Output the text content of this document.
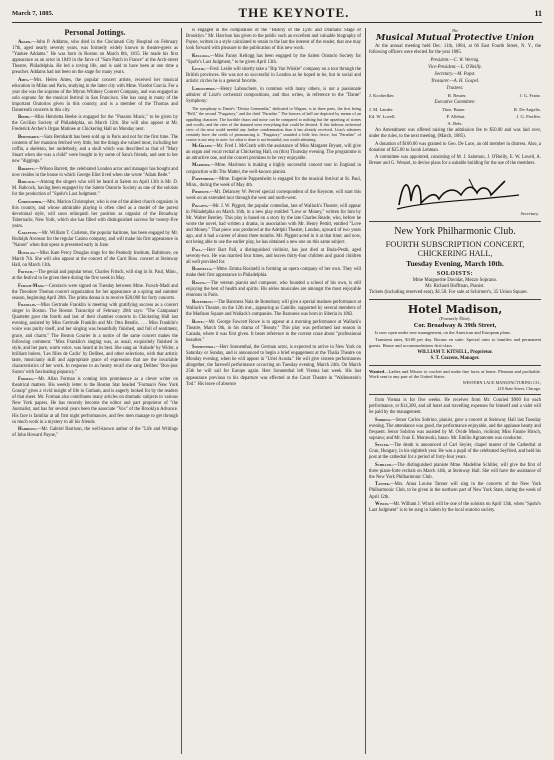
March 7, 1885.	THE KEYNOTE.	11
Personal Jottings.

Adams.—John P. Addams, who died in the Cincinnati City Hospital on February 17th, aged nearly seventy years, was formerly widely known to theatre-goers as "Yankee Addams." He was born in Boston on March 8th, 1815. He made his first appearance as an actor in 1849 in the farce of "Sam Patch in France" at the Arch-street Theatre, Philadelphia. He led a roving life, and is said to have been at one time a preacher. Addams had not been on the stage for many years.

Ames.—Mrs. Helen Ames, the popular concert artiste, received her musical education in Milan and Paris, studying in the latter city with Mme. Viardot Garcia. For a year she was the soprano of the Myron Whitney Concert Company, and was engaged as solo soprano for the musical festival in San Francisco. She has sung in many of the important Oratorios given in this country, and is a member of the Thomas and Dannreuth concerts in this city.

Beebe.—Miss Henrietta Beebe is engaged for the "Passion Music," to be given by the Cecilian Society of Philadelphia, on March 12th. She will also appear at Mr. Frederick Archer's Organ Matinee at Chickering Hall on Monday next.

Bernhardt.—Sara Bernhardt has been sold up in Paris and not for the first time. The contents of her mansion fetched very little, but the things she valued most, including her coffin, a skeleton, her underbody, and a skull which was described as that of "Mary Stuart when she was a child" were bought in by some of Sara's friends, and sent to her new "diggings."

Barrett.—Wilson Barrett, the celebrated London actor and manager has bought and now resides in the house in which George Eliot lived when she wrote "Adam Bede."

Babcock.—Among the singers who will be heard at Salem on April 13th is Mr. D. M. Babcock, having been engaged by the Salem Oratorio Society as one of the soloists for the production of "Spohr's Last Judgment."

Christopher.—Mrs. Marion Christopher, who is one of the ablest church organists in this country, and whose admirable playing is often cited as a model of the purest devotional style, will soon relinquish her position as organist of the Broadway Tabernacle, New York, which she has filled with distinguished success for twenty-five years.

Carleton.—Mr. William T. Carleton, the popular baritone, has been engaged by Mr. Rudolph Aronson for the regular Casino company, and will make his first appearance in "Nanon" when that opera is presented early in June.

Douglas.—Miss Kate Percy Douglas sings for the Peabody Institute, Baltimore, on March 7th. She will also appear at the concert of the Carri Bros. concert at Steinway Hall, on March 13th.

Fritsch.—The genial and popular tenor, Charles Fritsch, will sing in St. Paul, Minn., at the festival to be given there during the first week in May.

Fursch-Madi.—Contracts were signed on Tuesday between Mme. Fursch-Madi and the Theodore Thomas concert organization for her appearance at a spring and summer season, beginning April 20th. The prima donna is to receive $20,000 for forty concerts.

Franklin.—Miss Gertrude Franklin is meeting with gratifying success as a concert singer in Boston. The Boston Transcript of February 20th says: "The Campanari Quartette gave the fourth and last of their chamber concerts in Chickering Hall last evening, assisted by Miss Gertrude Franklin and Mr. Otto Bendix. . . . Miss Franklin's voice was purity itself, and her singing was beautifully finished, and full of sentiment, grace, and charm." The Boston Courier in a notice of the same concert makes the following comment: "Miss Franklin's singing was, as usual, exquisitely finished in style, and her pure, warm voice, was heard at its best. She sang an 'Aubade' by Widor, a brilliant bolero, 'Les filles de Cadix' by Delibes, and other selections, with that artistic taste, musicianly skill and appropriate grace of expression that are the invariable characteristics of her work. In response to an hearty recall she sang Delibes' 'Bon-jour Suzon' with fascinating piquancy."

Forman.—Mr. Allan Forman is coming into prominence as a clever writer on theatrical matters. His weekly letter to the Boston Star headed "Forman's New York Gossip" gives a vivid insight of life in Gotham, and is eagerly looked for by the readers of that sheet. Mr. Forman also contributes many articles on dramatic subjects to various New York papers. He has recently become the editor and part proprietor of "the Journalist, and has for several years been the associate "Vox" of the Brooklyn Advance. His face is familiar at all first night performances, and few men manage to get through so much work in a mystery to all his friends.

Harrison.—Mr. Gabriel Harrison, the well-known author of the "Life and Writings of John Howard Payne,"

is engaged in the compilation of the "History of the Lyric and Dramatic Stage of Brooklyn." Mr. Harrison has given to the public such an excellent and valuable biography of Payne, written in a style calculated to retain to the last the interest of the reader, that one may look forward with pleasure to the publication of this new work.

Kellogg.—Miss Fanny Kellogg has been engaged by the Salem Oratorio Society for "Spohr's Last Judgment," to be given April 13th.

Leslie.—Fred. Leslie will shortly take a "Rip Van Winkle" company on a tour through the British provinces. He was not so successful in London as he hoped to be, but in social and artistic circles he is a general favorite.

Labouchere.—Henry Labouchere, in common with many others, is not a passionate admirer of Liszt's orchestral compositions, and thus writes, in reference to the "Dante" Symphony:

The symphony to Dante's "Divina Commedia," dedicated to Wagner, is in three parts, the first being "Hell," the second "Purgatory," and the third "Paradise." The horrors of hell are depicted by means of an appalling character. The horrible chaos and noise can be compared to nothing but the upsetting of stones and scrolls, and the cries of the damned were everything that could be desired. If this hideous orchestral view of the next world needed any further condemnation than it has already received, Liszt's admirers certainly have the credit of pronouncing it. "Purgatory" sounded a little less fierce; but "Paradise" of course is not easy to note: for what is done is not beautiful, nor worth admiring.

McGrath.—Mr. Fred J. McGrath with the assistance of Miss Margaret Bryant, will give an organ and vocal recital at Chickering Hall, on (this) Thursday evening. The programme is an attractive one, and the concert promises to be very enjoyable.

Marimon.—Mme. Marimon is making a highly successful concert tour in England in conjunction with Tito Mattei, the well-known pianist.

Pappenheim.—Mme. Eugenie Pappenheim is engaged for the musical festival at St. Paul, Minn., during the week of May 4th.

Pierpont.—Mr. Delancey W. Pervel special correspondent of the Keynote, will start this week on an extended tour through the west and north-west.

Piggott.—Mr. J. W. Piggott, the popular comedian, late of Wallack's Theatre, will appear in Philadelphia on March 16th, in a new play entitled "Love or Money," written for him by Mr. Walter Bentley. This play is based on a story by the late Charles Reade, who, before he wrote the novel, had written a drama, in association with Mr. Henry Pettitt, entitled "Love and Money." That piece was produced at the Adelphi Theatre, London, upward of two years ago, and it had a career of about three months. Mr. Piggott acted in it at that time; and now, not being able to use the earlier play, he has obtained a new one on this same subject.

Pall.—Herr Bart Pall, a distinguished violinist, has just died at Buda-Pesth, aged seventy-two. He was married four times, and leaves thirty-four children and grand children all well provided for.

Rosinella.—Mme. Emma Rosinelli is forming an opera company of her own. They will make their first appearance in Philadelphia.

Ravina.—The veteran pianist and composer, who founded a school of his own, is still enjoying the best of health and spirits. His séries musicales are amongst the most enjoyable réunions in Paris.

Rotenbusy.—The Baroness Nala de Rotenbusy will give a special matinee performance at Wallack's Theatre, on the 12th inst., appearing as Camille, supported by several members of the Madison Square and Wallack's companies. The Baroness was born in Siberia in 1862.

Rowe.—Mr. George Fawcett Rowe is to appear at a morning performance at Wallack's Theatre, March 9th, in his drama of "Beauty." This play was performed last season in Canada, where it was first given. It bears reference to the current craze about "professional beauties."

Sonnenthal.—Herr Sonnenthal, the German actor, is expected to arrive in New York on Saturday or Sunday, and is announced to begin a brief engagement at the Thalia Theatre on Monday evening, when he will appear in "Uriel Acosta." He will give sixteen performances altogether, the farewell performance occurring on Tuesday evening, March 24th. On March 25th he will sail for Europe again. Herr Sonnenthal left Vienna last week. His last appearance previous to his departure was effected at the Court Theatre in "Wallenstein's Tod." His leave of absence

The
Musical Mutual Protective Union

At the annual meeting held Dec. 11th, 1884, at 66 East Fourth Street, N. Y., the following officers were elected for the year 1885.

President.—C. W. Wernig.
Vice-President.—L. O'Reilly.
Secretary.—M. Papst.
Treasurer.—A. H. Gospel.
Trustees:
J. Kocherlker.	R. Reuter.	J. G. Franz.
Executive Committee:
J. M. Lander.	Theo. Bauer.	R. De Angelis.
Ed. W. Lovell.	P. Allebut.	J. G. Preiffer.
A. Belz.

An Amendment was offered raising the admission fee to $50.00 and was laid over, under the rules, to the next meeting, (March, 1885).

A donation of $100.00 was granted to Geo. De Luce, an old member in distress. Also, a donation of $25.00 to Jacob Lehman.

A committee was appointed, consisting of M. J. Salomon, J. O'Reilly, E. W. Lovell, A. Breuer and G. Wenzel, to devise plans for a suitable building for the use of the members.

Secretary.
New York Philharmonic Club.
FOURTH SUBSCRIPTION CONCERT,
CHICKERING HALL,
Tuesday Evening, March 10th.
SOLOISTS:
Mme Marguerite Davidat, Mezzo Soprano.
Mr. Richard Hoffman, Pianist.
Tickets (including reserved seat), $1.50. For sale at Schirmer's, 35 Union Square.
Hotel Madison,
(Formerly Élite),
Cor. Broadway & 39th Street,

Is now open under new management, on the American and European plans.

Transient rates, $3.00 per day. Rooms en suite. Special rates to families and permanent guests. House and accommodations first-class.

WILLIAM T. KITSELL, Proprietor.
S. T. Cozzens, Manager.
Wanted—Ladies and Misses to crochet and make fine laces at home. Pleasant and profitable. Work sent to any part of the United States.
WESTERN LACE MANUFACTURING CO.,
218 State Street, Chicago.

from Vienna is for five weeks. He receives from Mr. Conried $900 for each performance, or $14,300, and all hotel and travelling expenses for himself and a valet will be paid by the management.

Sobrino.—Senor Carlos Sobrino, pianist, gave a concert at Steinway Hall last Tuesday evening. The attendance was good, the performance enjoyable, and the applause hearty and frequent. Senor Sobrino was assisted by M. Ovide Musin, violinist; Miss Fannie Hirsch, soprano; and Mr. Ivan E. Morawski, basso. Mr. Emilio Agramonte was conductor.

Seyler.—The death is announced of Carl Seyler, chapel master of the Cathedral at Gran, Hungary, in his eightieth year. He was a pupil of the celebrated Seyfried, and held his post at the cathedral for a period of forty-four years.

Schiller.—The distinguished pianiste Mme. Madeline Schiller, will give the first of three piano-forte recitals on March 14th, at Steinway Hall. She will have the assistance of the New York Philharmonic Club.

Tanner.—Mrs. Anna Louise Tanner will sing in the concerts of the New York Philharmonic Club, to be given in the northern part of New York State, during the week of April 12th.

Winch.—Mr. William J. Winch will be one of the soloists on April 13th, when "Spohr's Last Judgment" is to be sung in Salem by the local oratorio society.
